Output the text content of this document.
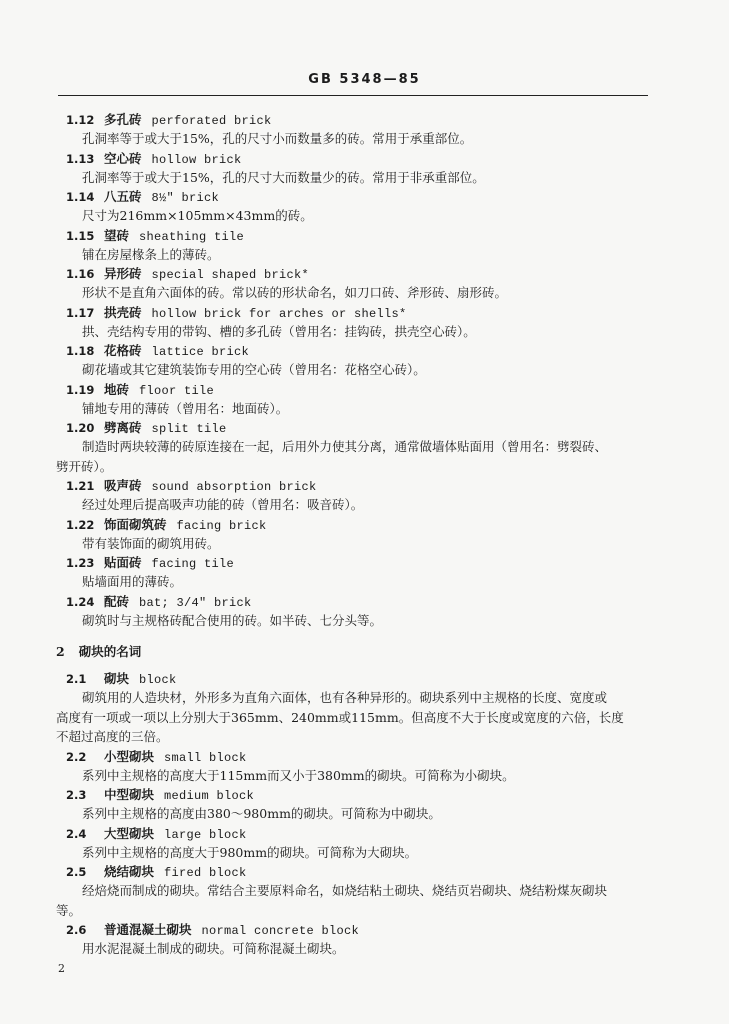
GB 5348—85
1.12 多孔砖 perforated brick
孔洞率等于或大于15%，孔的尺寸小而数量多的砖。常用于承重部位。
1.13 空心砖 hollow brick
孔洞率等于或大于15%，孔的尺寸大而数量少的砖。常用于非承重部位。
1.14 八五砖 8½″ brick
尺寸为216mm×105mm×43mm的砖。
1.15 望砖 sheathing tile
铺在房屋椽条上的薄砖。
1.16 异形砖 special shaped brick*
形状不是直角六面体的砖。常以砖的形状命名，如刀口砖、斧形砖、扇形砖。
1.17 拱壳砖 hollow brick for arches or shells*
拱、壳结构专用的带钩、槽的多孔砖（曾用名：挂钩砖，拱壳空心砖）。
1.18 花格砖 lattice brick
砌花墙或其它建筑装饰专用的空心砖（曾用名：花格空心砖）。
1.19 地砖 floor tile
铺地专用的薄砖（曾用名：地面砖）。
1.20 劈离砖 split tile
制造时两块较薄的砖原连接在一起，后用外力使其分离，通常做墙体贴面用（曾用名：劈裂砖、
劈开砖）。
1.21 吸声砖 sound absorption brick
经过处理后提高吸声功能的砖（曾用名：吸音砖）。
1.22 饰面砌筑砖 facing brick
带有装饰面的砌筑用砖。
1.23 贴面砖 facing tile
贴墙面用的薄砖。
1.24 配砖 bat; 3/4″ brick
砌筑时与主规格砖配合使用的砖。如半砖、七分头等。
2 砌块的名词
2.1 砌块 block
砌筑用的人造块材，外形多为直角六面体，也有各种异形的。砌块系列中主规格的长度、宽度或
高度有一项或一项以上分别大于365mm、240mm或115mm。但高度不大于长度或宽度的六倍，长度
不超过高度的三倍。
2.2 小型砌块 small block
系列中主规格的高度大于115mm而又小于380mm的砌块。可简称为小砌块。
2.3 中型砌块 medium block
系列中主规格的高度由380～980mm的砌块。可简称为中砌块。
2.4 大型砌块 large block
系列中主规格的高度大于980mm的砌块。可简称为大砌块。
2.5 烧结砌块 fired block
经焙烧而制成的砌块。常结合主要原料命名，如烧结粘土砌块、烧结页岩砌块、烧结粉煤灰砌块
等。
2.6 普通混凝土砌块 normal concrete block
用水泥混凝土制成的砌块。可简称混凝土砌块。
2
